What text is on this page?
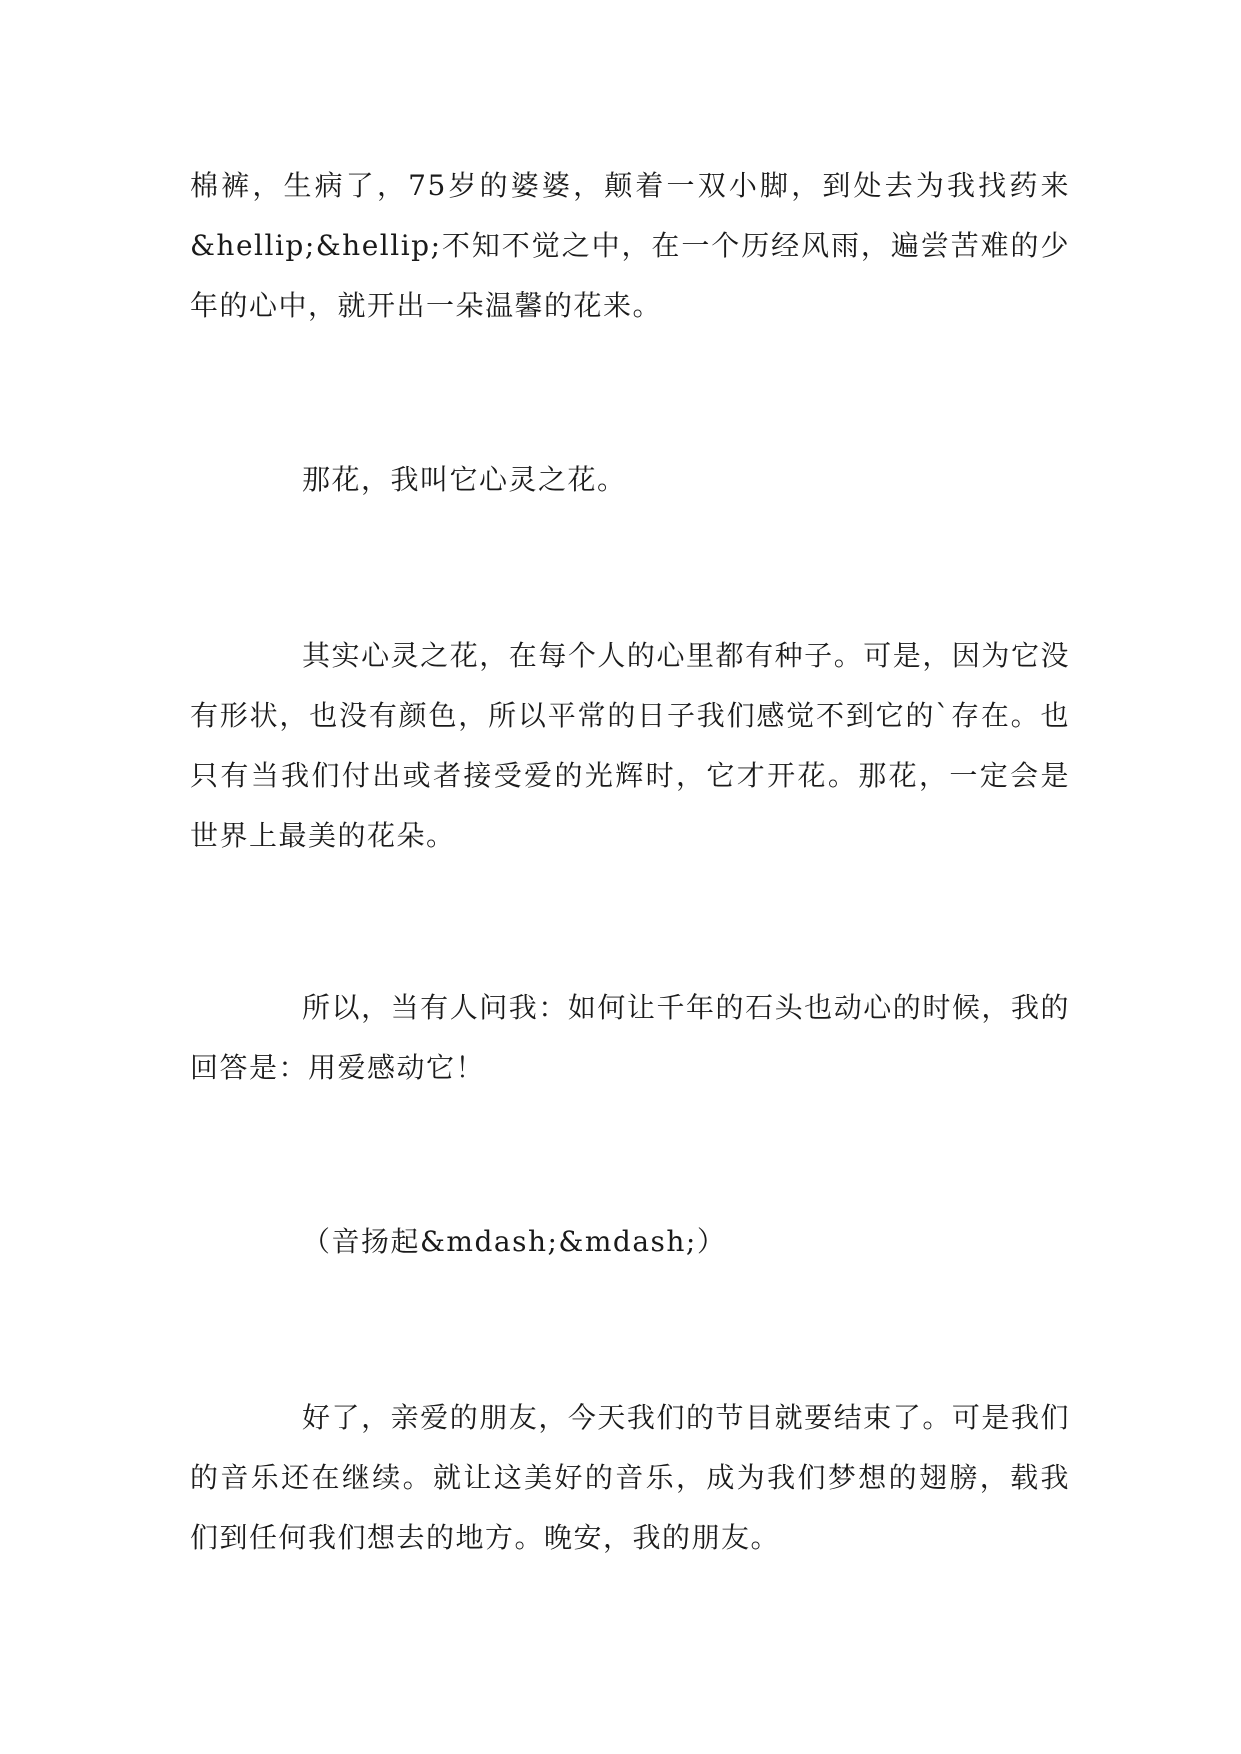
棉裤，生病了，75岁的婆婆，颠着一双小脚，到处去为我找药来&hellip;&hellip;不知不觉之中，在一个历经风雨，遍尝苦难的少年的心中，就开出一朵温馨的花来。

那花，我叫它心灵之花。

其实心灵之花，在每个人的心里都有种子。可是，因为它没有形状，也没有颜色，所以平常的日子我们感觉不到它的`存在。也只有当我们付出或者接受爱的光辉时，它才开花。那花，一定会是世界上最美的花朵。

所以，当有人问我：如何让千年的石头也动心的时候，我的回答是：用爱感动它！

（音扬起&mdash;&mdash;）

好了，亲爱的朋友，今天我们的节目就要结束了。可是我们的音乐还在继续。就让这美好的音乐，成为我们梦想的翅膀，载我们到任何我们想去的地方。晚安，我的朋友。
